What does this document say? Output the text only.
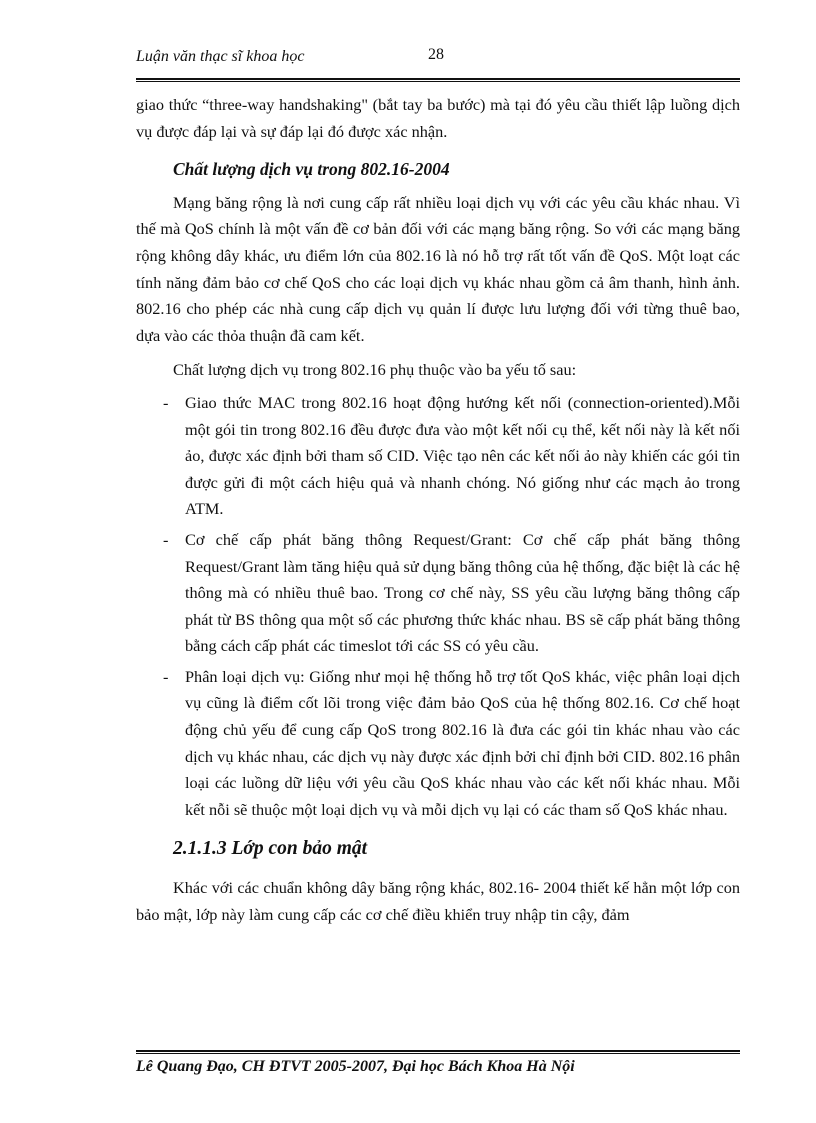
Luận văn thạc sĩ khoa học	28

giao thức “three-way handshaking" (bắt tay ba bước) mà tại đó yêu cầu thiết lập luồng dịch vụ được đáp lại và sự đáp lại đó được xác nhận.

Chất lượng dịch vụ trong 802.16-2004

Mạng băng rộng là nơi cung cấp rất nhiều loại dịch vụ với các yêu cầu khác nhau. Vì thế mà QoS chính là một vấn đề cơ bản đối với các mạng băng rộng. So với các mạng băng rộng không dây khác, ưu điểm lớn của 802.16 là nó hỗ trợ rất tốt vấn đề QoS. Một loạt các tính năng đảm bảo cơ chế QoS cho các loại dịch vụ khác nhau gồm cả âm thanh, hình ảnh. 802.16 cho phép các nhà cung cấp dịch vụ quản lí được lưu lượng đối với từng thuê bao, dựa vào các thỏa thuận đã cam kết.

Chất lượng dịch vụ trong 802.16 phụ thuộc vào ba yếu tố sau:

- Giao thức MAC trong 802.16 hoạt động hướng kết nối (connection-oriented).Mỗi một gói tin trong 802.16 đều được đưa vào một kết nối cụ thể, kết nối này là kết nối ảo, được xác định bởi tham số CID. Việc tạo nên các kết nối ảo này khiến các gói tin được gửi đi một cách hiệu quả và nhanh chóng. Nó giống như các mạch ảo trong ATM.
- Cơ chế cấp phát băng thông Request/Grant: Cơ chế cấp phát băng thông Request/Grant làm tăng hiệu quả sử dụng băng thông của hệ thống, đặc biệt là các hệ thông mà có nhiều thuê bao. Trong cơ chế này, SS yêu cầu lượng băng thông cấp phát từ BS thông qua một số các phương thức khác nhau. BS sẽ cấp phát băng thông bằng cách cấp phát các timeslot tới các SS có yêu cầu.
- Phân loại dịch vụ: Giống như mọi hệ thống hỗ trợ tốt QoS khác, việc phân loại dịch vụ cũng là điểm cốt lõi trong việc đảm bảo QoS của hệ thống 802.16. Cơ chế hoạt động chủ yếu để cung cấp QoS trong 802.16 là đưa các gói tin khác nhau vào các dịch vụ khác nhau, các dịch vụ này được xác định bởi chỉ định bởi CID. 802.16 phân loại các luồng dữ liệu với yêu cầu QoS khác nhau vào các kết nối khác nhau. Mỗi kết nỗi sẽ thuộc một loại dịch vụ và mỗi dịch vụ lại có các tham số QoS khác nhau.
2.1.1.3 Lớp con bảo mật

Khác với các chuẩn không dây băng rộng khác, 802.16- 2004 thiết kế hẳn một lớp con bảo mật, lớp này làm cung cấp các cơ chế điều khiển truy nhập tin cậy, đảm

Lê Quang Đạo, CH ĐTVT 2005-2007, Đại học Bách Khoa Hà Nội
